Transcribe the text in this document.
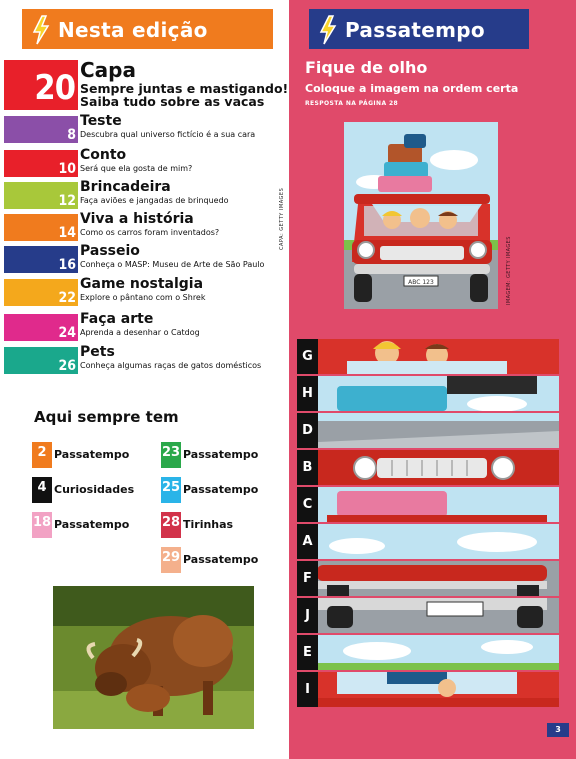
Nesta edição
20 Capa
Sempre juntas e mastigando! Saiba tudo sobre as vacas
8
Teste
Descubra qual universo fictício é a sua cara
10
Conto
Será que ela gosta de mim?
12
Brincadeira
Faça aviões e jangadas de brinquedo
14
Viva a história
Como os carros foram inventados?
16
Passeio
Conheça o MASP: Museu de Arte de São Paulo
22
Game nostalgia
Explore o pântano com o Shrek
24
Faça arte
Aprenda a desenhar o Catdog
26
Pets
Conheça algumas raças de gatos domésticos
Aqui sempre tem
2 Passatempo
4 Curiosidades
18 Passatempo
23 Passatempo
25 Passatempo
28 Tirinhas
29 Passatempo
CAPA: GETTY IMAGES
Passatempo
Fique de olho
Coloque a imagem na ordem certa
RESPOSTA NA PÁGINA 28
ABC 123	IMAGEM: GETTY IMAGES
G
H
D
B
C
A
F
J
E
I
3
